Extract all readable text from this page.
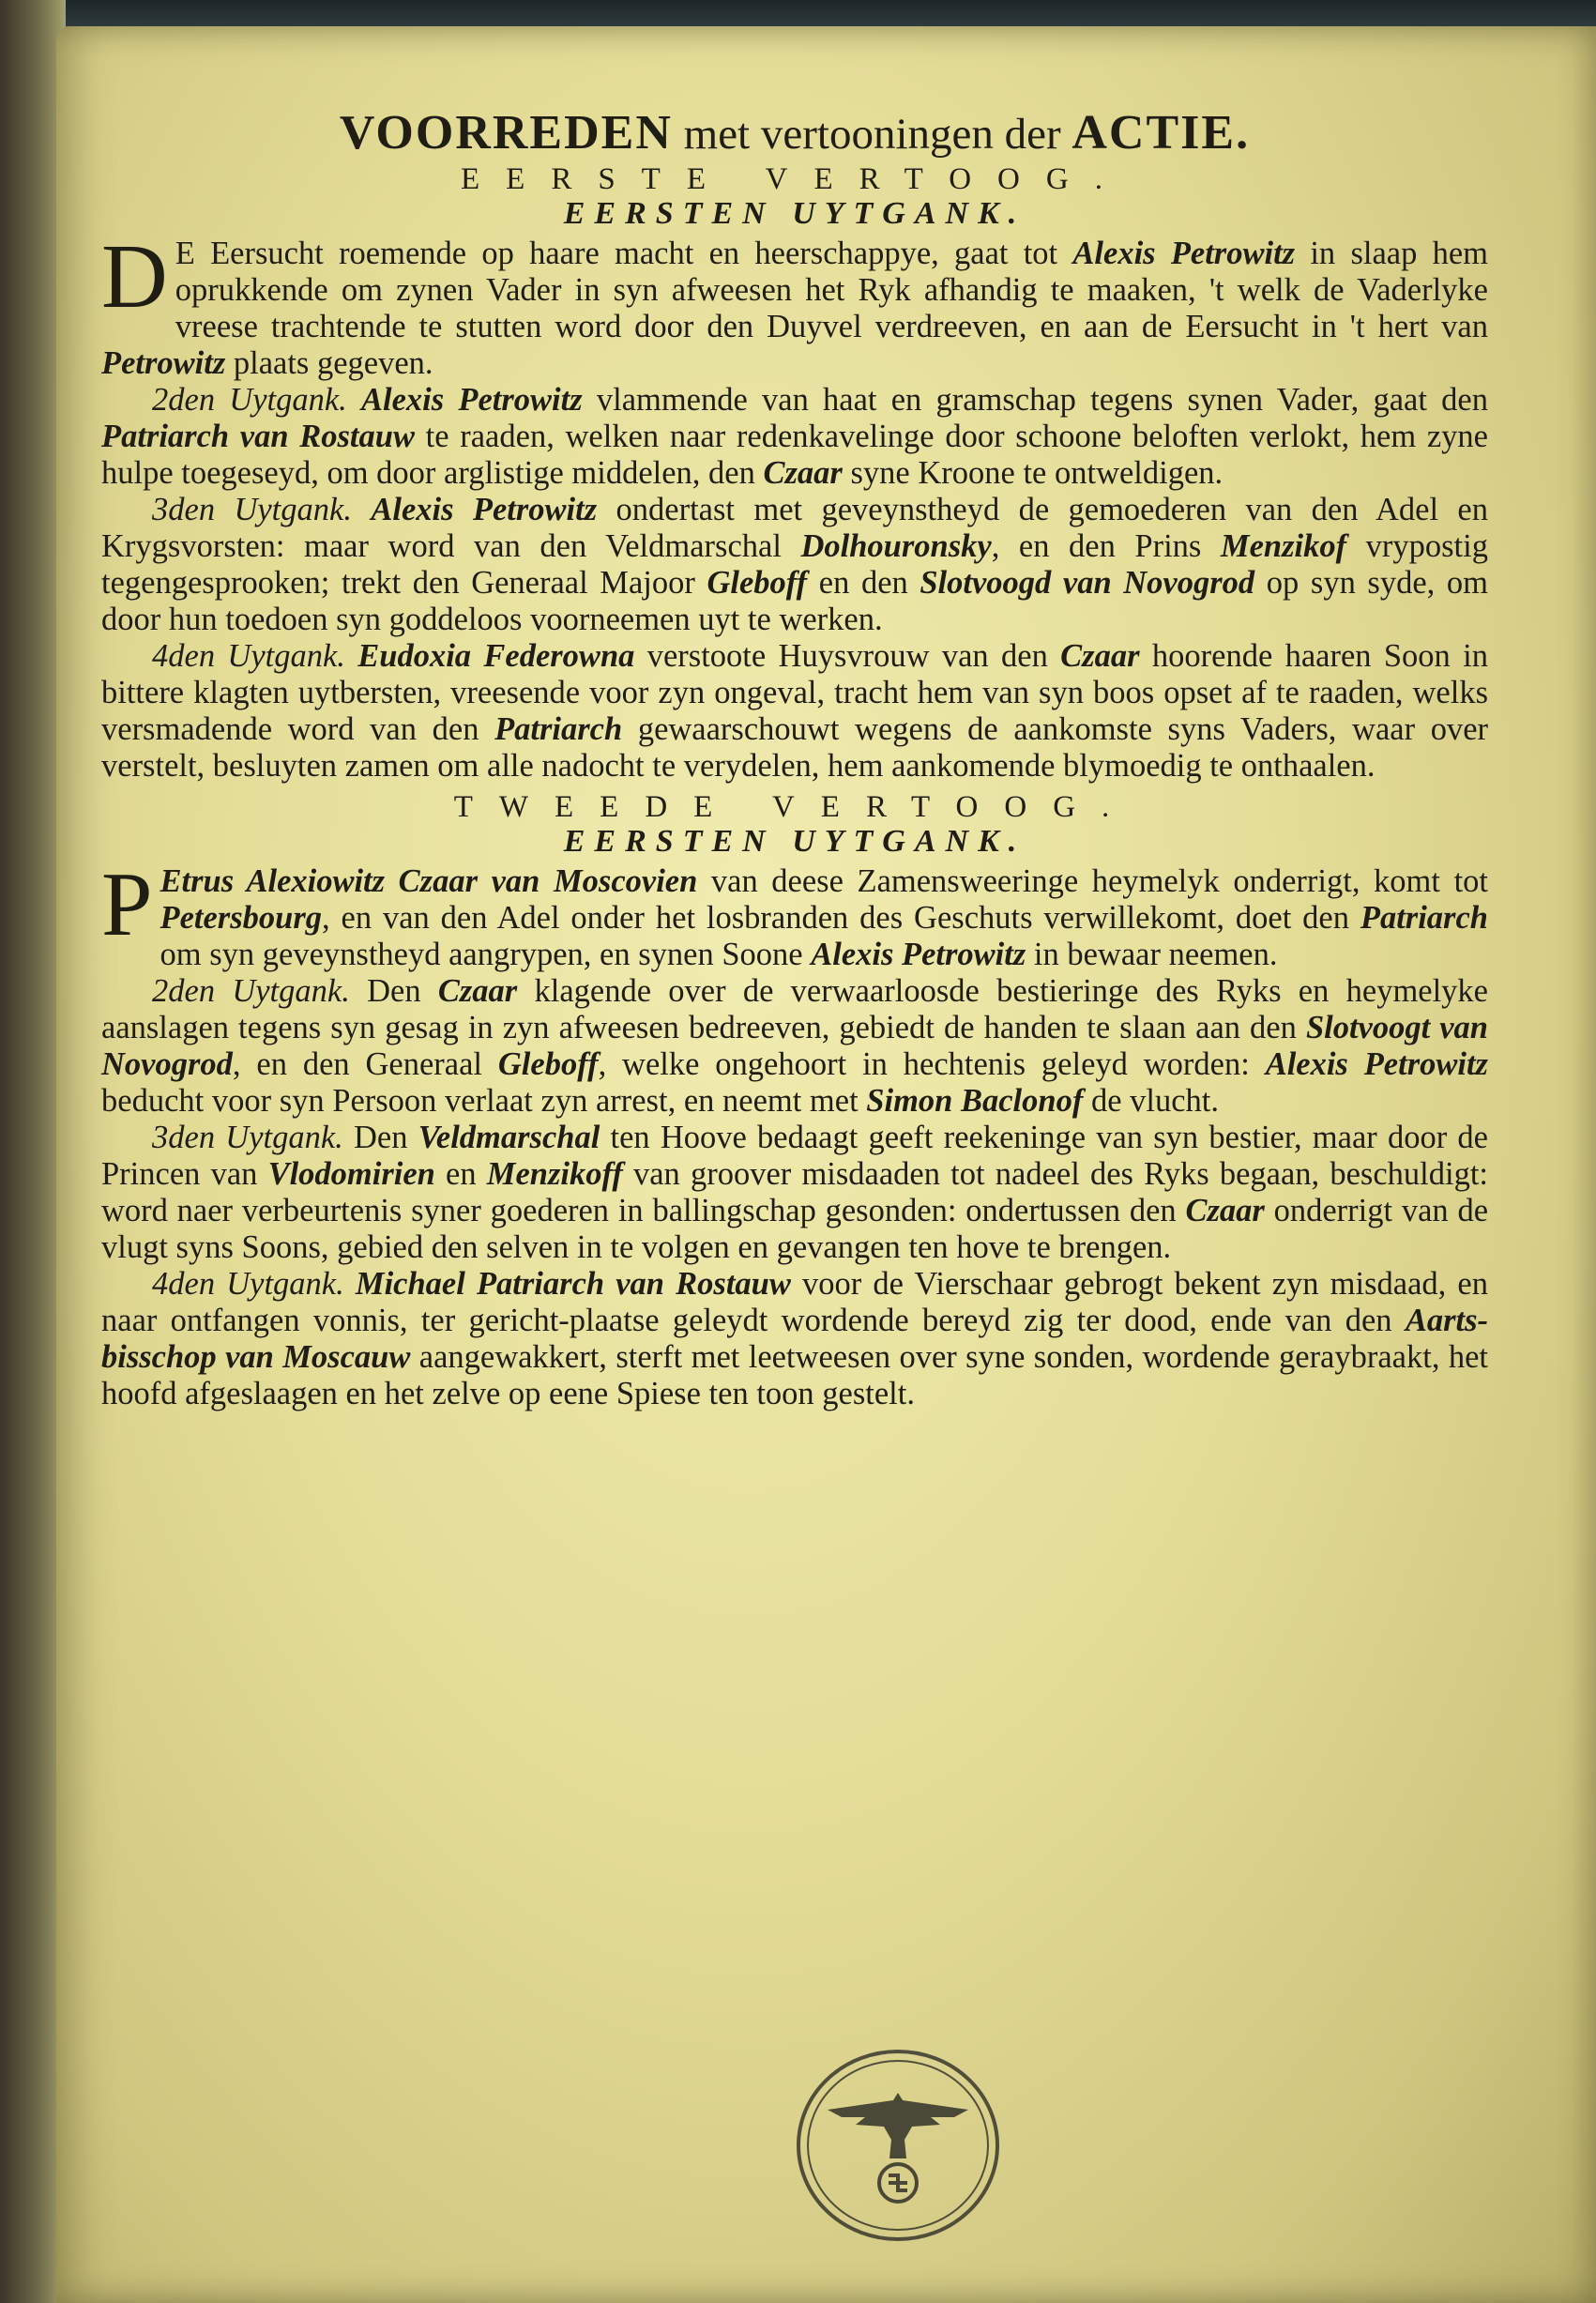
VOORREDEN met vertooningen der ACTIE.
EERSTE VERTOOG.
EERSTEN UYTGANK.

D E Eersucht roemende op haare macht en heerschappye, gaat tot Alexis Petrowitz in slaap hem oprukkende om zynen Vader in syn afweesen het Ryk afhandig te maaken, 't welk de Vaderlyke vreese trachtende te stutten word door den Duyvel verdreeven, en aan de Eersucht in 't hert van Petrowitz plaats gegeven.

2den Uytgank. Alexis Petrowitz vlammende van haat en gramschap tegens synen Vader, gaat den Patriarch van Rostauw te raaden, welken naar redenkavelinge door schoone beloften verlokt, hem zyne hulpe toegeseyd, om door arglistige middelen, den Czaar syne Kroone te ontweldigen.

3den Uytgank. Alexis Petrowitz ondertast met geveynstheyd de gemoederen van den Adel en Krygsvorsten: maar word van den Veldmarschal Dolhouronsky, en den Prins Menzikof vrypostig tegengesprooken; trekt den Generaal Majoor Gleboff en den Slotvoogd van Novogrod op syn syde, om door hun toedoen syn goddeloos voorneemen uyt te werken.

4den Uytgank. Eudoxia Federowna verstoote Huysvrouw van den Czaar hoorende haaren Soon in bittere klagten uytbersten, vreesende voor zyn ongeval, tracht hem van syn boos opset af te raaden, welks versmadende word van den Patriarch gewaarschouwt wegens de aankomste syns Vaders, waar over verstelt, besluyten zamen om alle nadocht te verydelen, hem aankomende blymoedig te onthaalen.

TWEEDE VERTOOG.
EERSTEN UYTGANK.

P Etrus Alexiowitz Czaar van Moscovien van deese Zamensweeringe heymelyk onderrigt, komt tot Petersbourg, en van den Adel onder het losbranden des Geschuts verwillekomt, doet den Patriarch om syn geveynstheyd aangrypen, en synen Soone Alexis Petrowitz in bewaar neemen.

2den Uytgank. Den Czaar klagende over de verwaarloosde bestieringe des Ryks en heymelyke aanslagen tegens syn gesag in zyn afweesen bedreeven, gebiedt de handen te slaan aan den Slotvoogt van Novogrod, en den Generaal Gleboff, welke ongehoort in hechtenis geleyd worden: Alexis Petrowitz beducht voor syn Persoon verlaat zyn arrest, en neemt met Simon Baclonof de vlucht.

3den Uytgank. Den Veldmarschal ten Hoove bedaagt geeft reekeninge van syn bestier, maar door de Princen van Vlodomirien en Menzikoff van groover misdaaden tot nadeel des Ryks begaan, beschuldigt: word naer verbeurtenis syner goederen in ballingschap gesonden: ondertussen den Czaar onderrigt van de vlugt syns Soons, gebied den selven in te volgen en gevangen ten hove te brengen.

4den Uytgank. Michael Patriarch van Rostauw voor de Vierschaar gebrogt bekent zyn misdaad, en naar ontfangen vonnis, ter gericht-plaatse geleydt wordende bereyd zig ter dood, ende van den Aarts-bisschop van Moscauw aangewakkert, sterft met leetweesen over syne sonden, wordende geraybraakt, het hoofd afgeslaagen en het zelve op eene Spiese ten toon gestelt.
